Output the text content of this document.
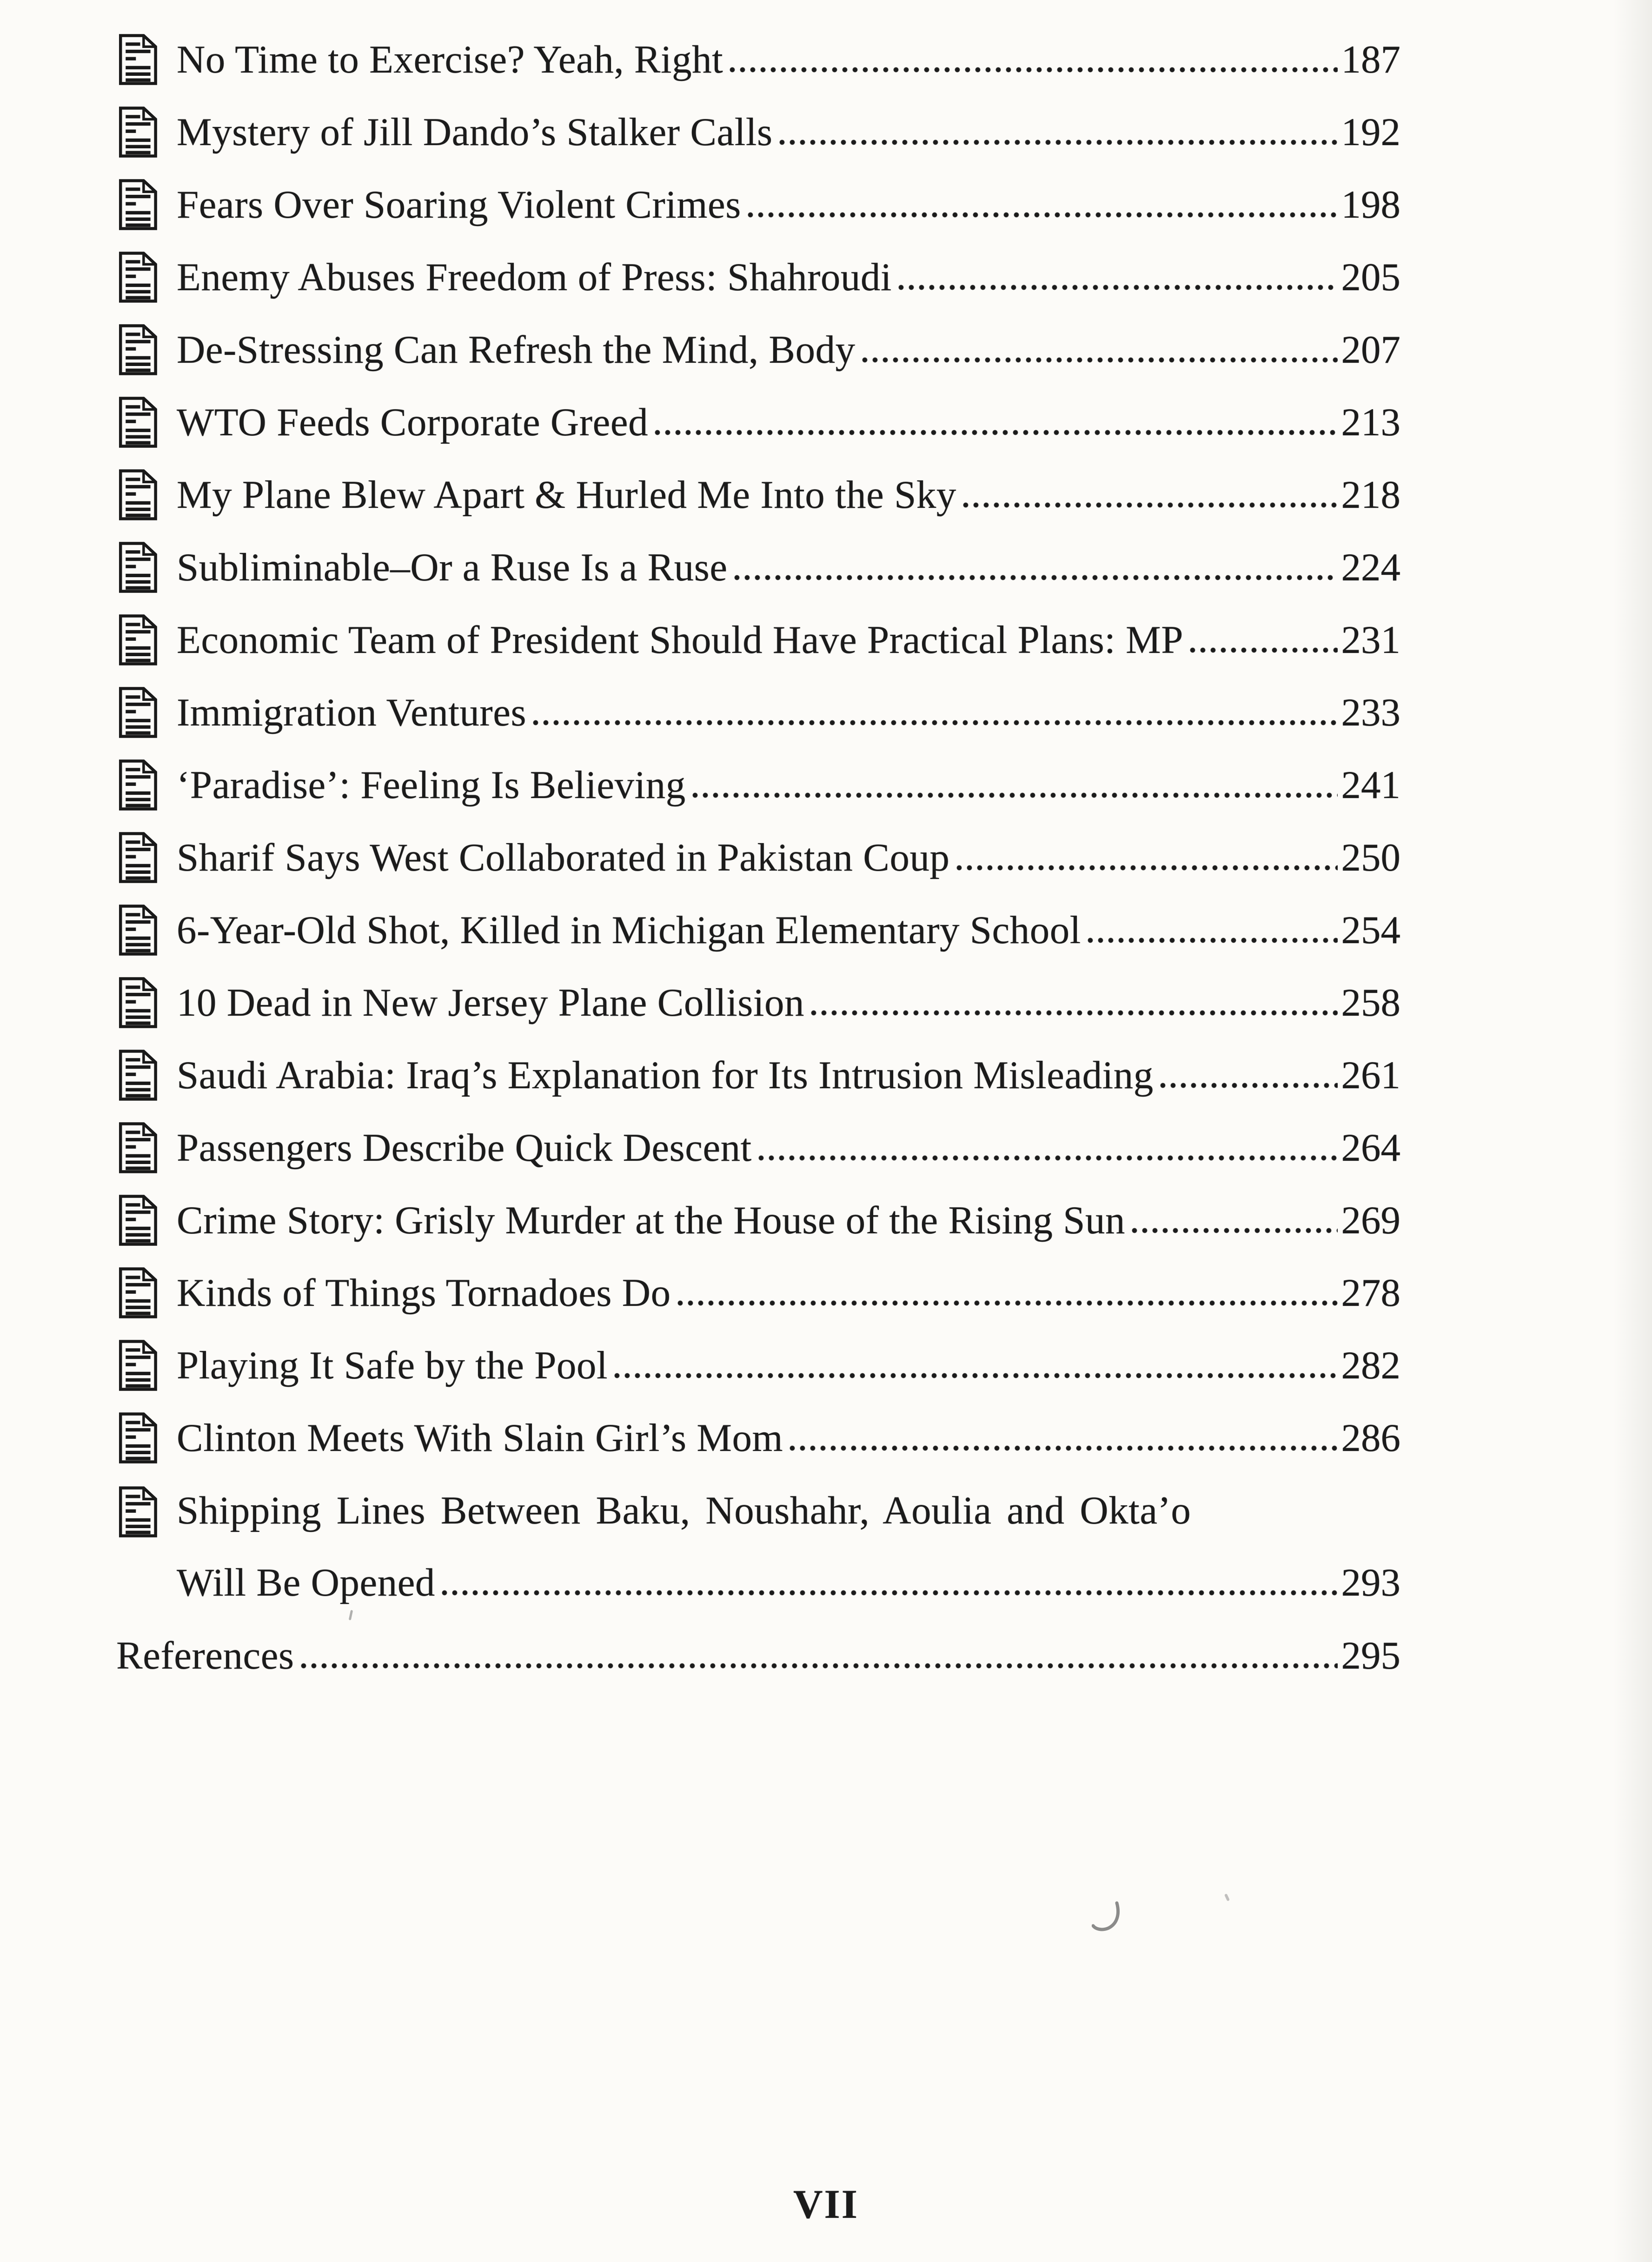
No Time to Exercise? Yeah, Right	187
Mystery of Jill Dando’s Stalker Calls	192
Fears Over Soaring Violent Crimes	198
Enemy Abuses Freedom of Press: Shahroudi	205
De-Stressing Can Refresh the Mind, Body	207
WTO Feeds Corporate Greed	213
My Plane Blew Apart & Hurled Me Into the Sky	218
Subliminable–Or a Ruse Is a Ruse	224
Economic Team of President Should Have Practical Plans: MP	231
Immigration Ventures	233
‘Paradise’: Feeling Is Believing	241
Sharif Says West Collaborated in Pakistan Coup	250
6-Year-Old Shot, Killed in Michigan Elementary School	254
10 Dead in New Jersey Plane Collision	258
Saudi Arabia: Iraq’s Explanation for Its Intrusion Misleading	261
Passengers Describe Quick Descent	264
Crime Story: Grisly Murder at the House of the Rising Sun	269
Kinds of Things Tornadoes Do	278
Playing It Safe by the Pool	282
Clinton Meets With Slain Girl’s Mom	286
Shipping Lines Between Baku, Noushahr, Aoulia and Okta’o
Will Be Opened	293
References	295
VII
